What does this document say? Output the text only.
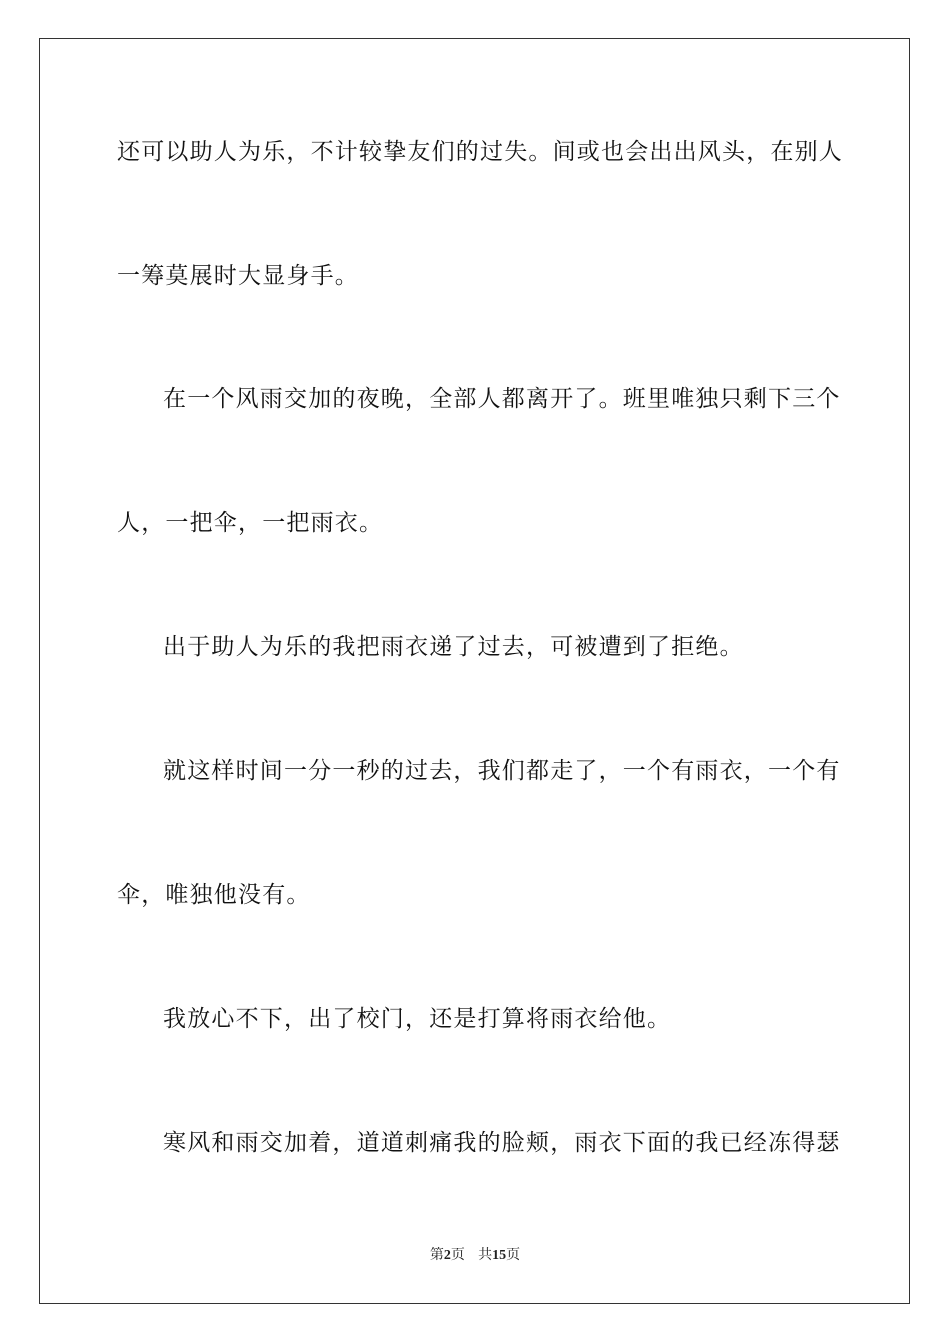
还可以助人为乐，不计较挚友们的过失。间或也会出出风头，在别人
一筹莫展时大显身手。
在一个风雨交加的夜晚，全部人都离开了。班里唯独只剩下三个
人，一把伞，一把雨衣。
出于助人为乐的我把雨衣递了过去，可被遭到了拒绝。
就这样时间一分一秒的过去，我们都走了，一个有雨衣，一个有
伞，唯独他没有。
我放心不下，出了校门，还是打算将雨衣给他。
寒风和雨交加着，道道刺痛我的脸颊，雨衣下面的我已经冻得瑟
第2页 共15页
